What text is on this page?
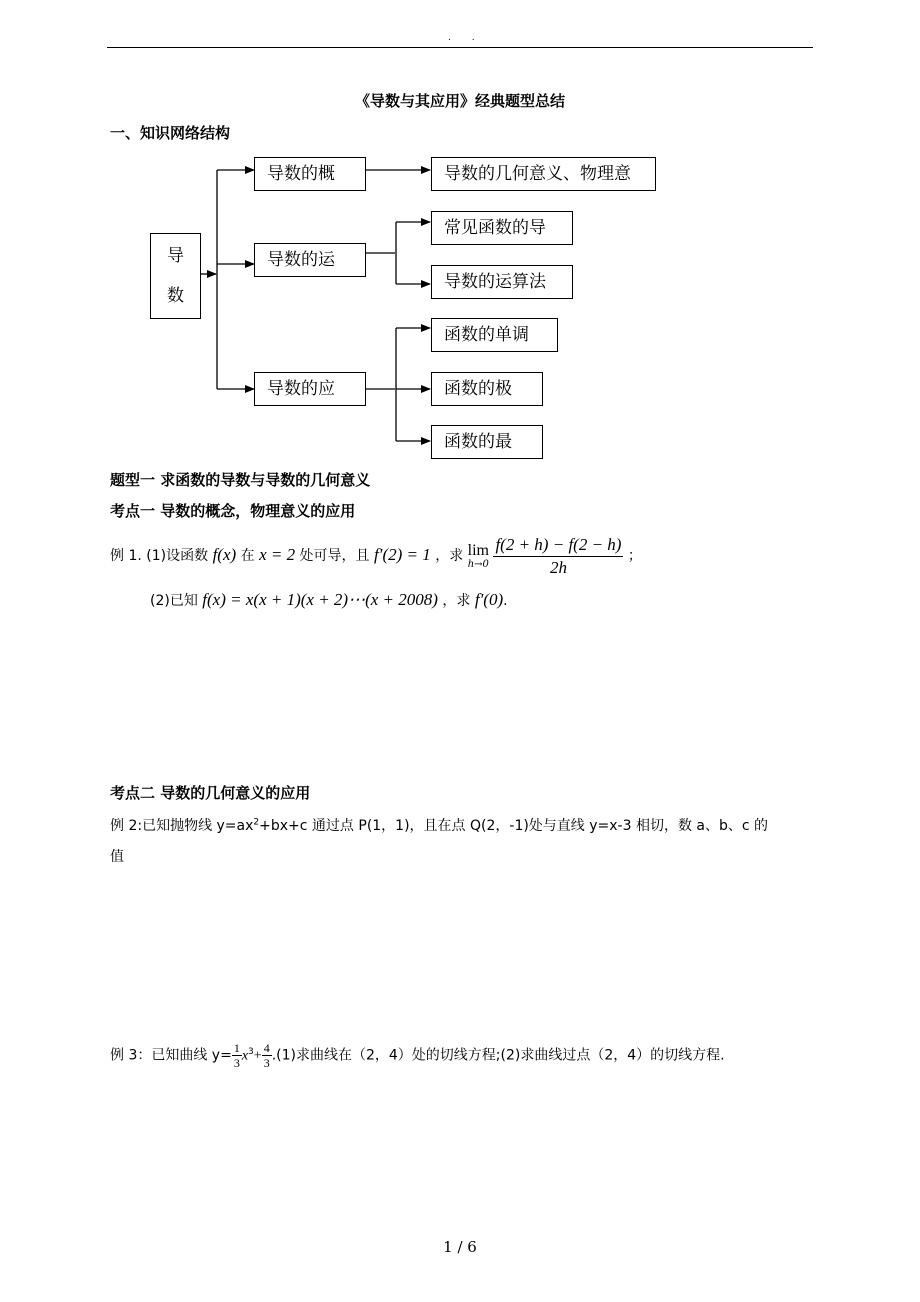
. .
《导数与其应用》经典题型总结
一、知识网络结构
导
数
导数的概
导数的运
导数的应
导数的几何意义、物理意
常见函数的导
导数的运算法
函数的单调
函数的极
函数的最
题型一 求函数的导数与导数的几何意义
考点一 导数的概念，物理意义的应用
例 1. (1)设函数 f(x) 在 x = 2 处可导，且 f′(2) = 1 ，求 lim
h→0
$\frac{f(2 + h) - f(2 - h)}{2h}$ ；
(2)已知 f(x) = x(x + 1)(x + 2)⋯(x + 2008) ，求 f′(0).
考点二 导数的几何意义的应用
例 2:已知抛物线 $y=ax^2+bx+c$ 通过点 P(1，1)，且在点 Q(2，-1)处与直线 y=x-3 相切，数 a、b、c 的
值
例 3：已知曲线 $y= \frac{1}{3} x^3+ \frac{4}{3} .(1)$求曲线在（2，4）处的切线方程;(2)求曲线过点（2，4）的切线方程.
1 / 6
